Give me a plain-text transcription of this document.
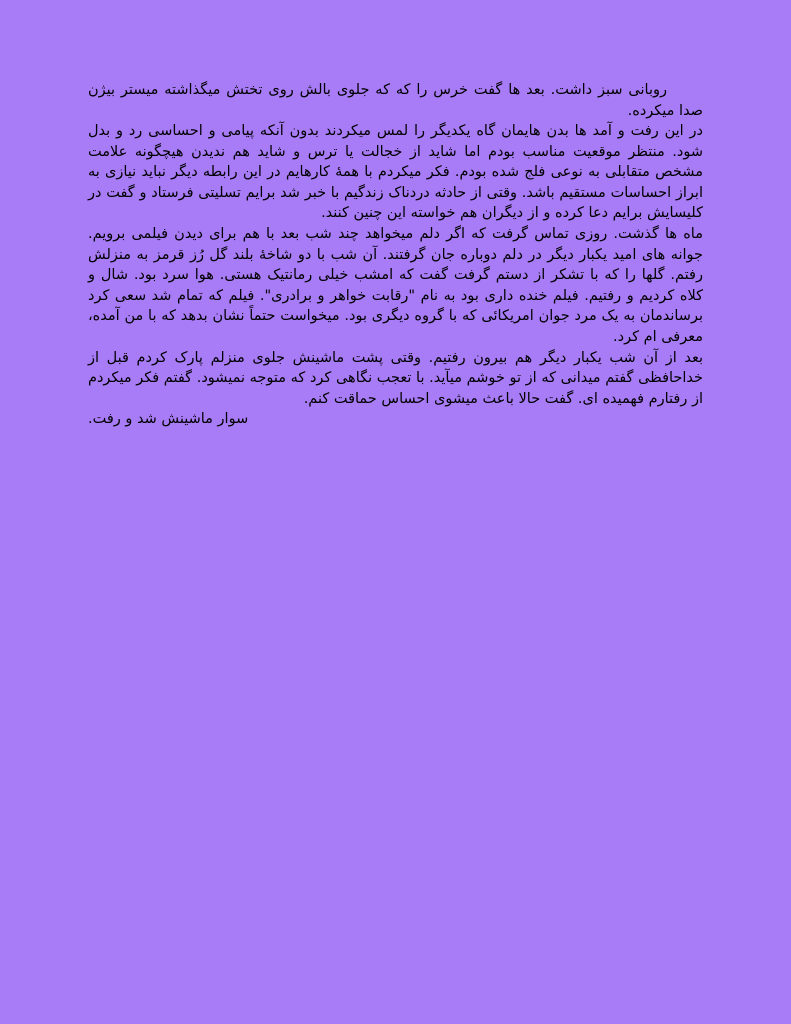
روبانی سبز داشت. بعد ها گفت خرس را که که جلوی بالش روی تختش میگذاشته میستر بیژن صدا میکرده.

در این رفت و آمد ها بدن هایمان گاه یکدیگر را لمس میکردند بدون آنکه پیامی و احساسی رد و بدل شود. منتظر موقعیت مناسب بودم اما شاید از خجالت یا ترس و شاید هم ندیدن هیچگونه علامت مشخص متقابلی به نوعی فلج شده بودم. فکر میکردم با همهٔ کارهایم در این رابطه دیگر نباید نیازی به ابراز احساسات مستقیم باشد. وقتی از حادثه دردناک زندگیم با خبر شد برایم تسلیتی فرستاد و گفت در کلیسایش برایم دعا کرده و از دیگران هم خواسته این چنین کنند.

ماه ها گذشت. روزی تماس گرفت که اگر دلم میخواهد چند شب بعد با هم برای دیدن فیلمی برویم. جوانه های امید یکبار دیگر در دلم دوباره جان گرفتند. آن شب با دو شاخهٔ بلند گل رُز قرمز به منزلش رفتم. گلها را که با تشکر از دستم گرفت گفت که امشب خیلی رمانتیک هستی. هوا سرد بود. شال و کلاه کردیم و رفتیم. فیلم خنده داری بود به نام "رقابت خواهر و برادری". فیلم که تمام شد سعی کرد برساندمان به یک مرد جوان امریکائی که با گروه دیگری بود. میخواست حتماً نشان بدهد که با من آمده، معرفی ام کرد.

بعد از آن شب یکبار دیگر هم بیرون رفتیم. وقتی پشت ماشینش جلوی منزلم پارک کردم قبل از خداحافظی گفتم میدانی که از تو خوشم میآید. با تعجب نگاهی کرد که متوجه نمیشود. گفتم فکر میکردم از رفتارم فهمیده ای. گفت حالا باعث میشوی احساس حماقت کنم.

سوار ماشینش شد و رفت.
